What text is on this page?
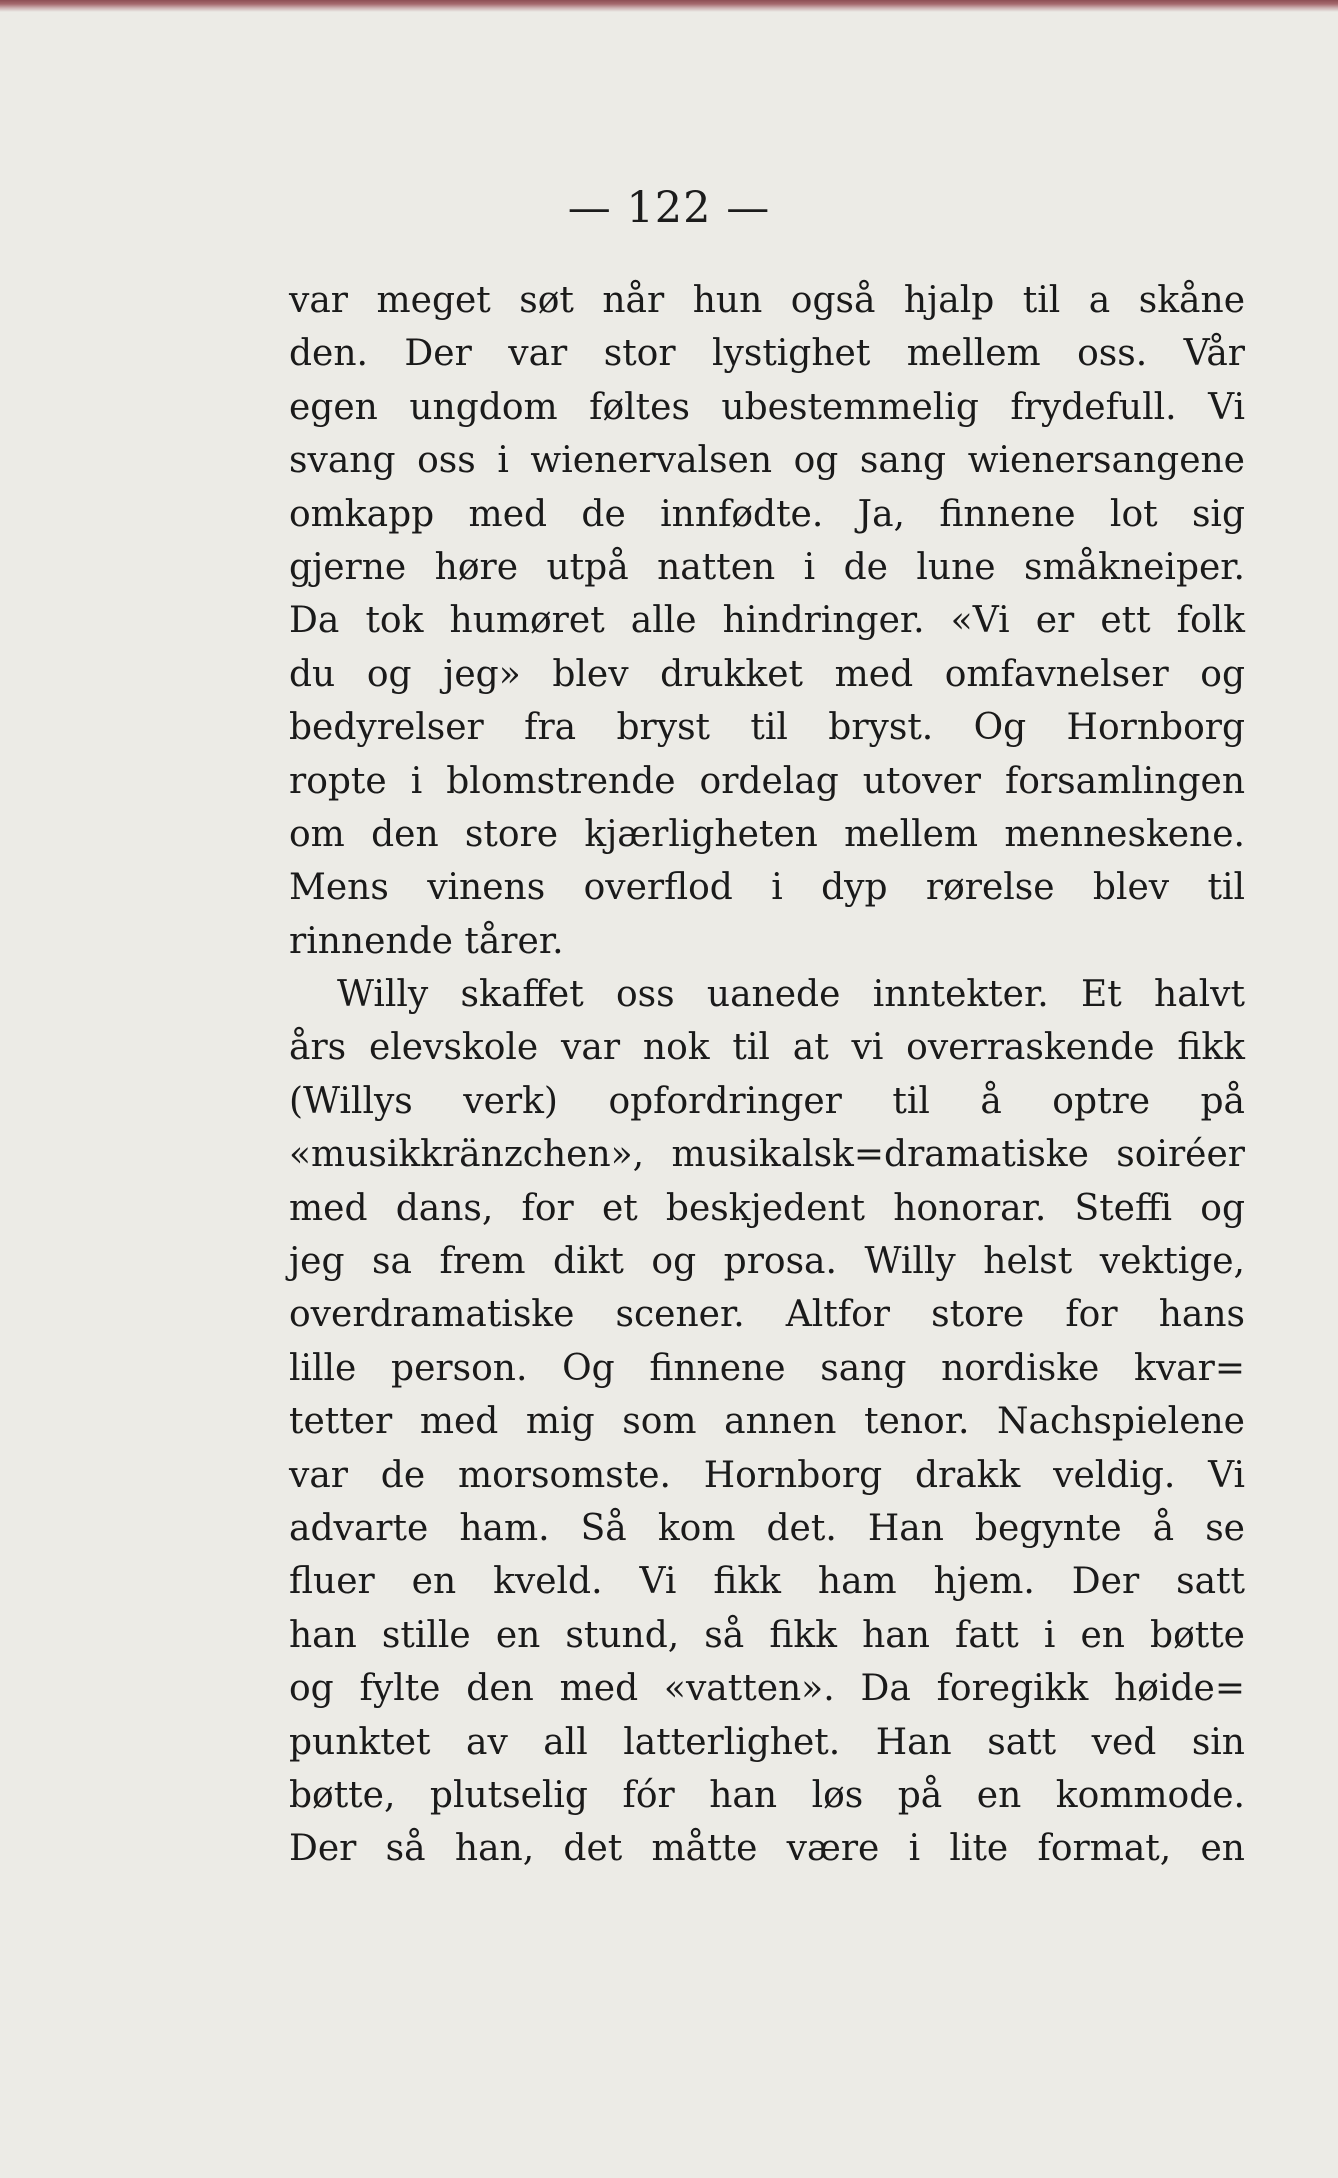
— 122 —
var meget søt når hun også hjalp til a skåne
den. Der var stor lystighet mellem oss. Vår
egen ungdom føltes ubestemmelig frydefull. Vi
svang oss i wienervalsen og sang wienersangene
omkapp med de innfødte. Ja, finnene lot sig
gjerne høre utpå natten i de lune småkneiper.
Da tok humøret alle hindringer. «Vi er ett folk
du og jeg» blev drukket med omfavnelser og
bedyrelser fra bryst til bryst. Og Hornborg
ropte i blomstrende ordelag utover forsamlingen
om den store kjærligheten mellem menneskene.
Mens vinens overflod i dyp rørelse blev til
rinnende tårer.
Willy skaffet oss uanede inntekter. Et halvt
års elevskole var nok til at vi overraskende fikk
(Willys verk) opfordringer til å optre på
«musikkränzchen», musikalsk=dramatiske soiréer
med dans, for et beskjedent honorar. Steffi og
jeg sa frem dikt og prosa. Willy helst vektige,
overdramatiske scener. Altfor store for hans
lille person. Og finnene sang nordiske kvar=
tetter med mig som annen tenor. Nachspielene
var de morsomste. Hornborg drakk veldig. Vi
advarte ham. Så kom det. Han begynte å se
fluer en kveld. Vi fikk ham hjem. Der satt
han stille en stund, så fikk han fatt i en bøtte
og fylte den med «vatten». Da foregikk høide=
punktet av all latterlighet. Han satt ved sin
bøtte, plutselig fór han løs på en kommode.
Der så han, det måtte være i lite format, en
